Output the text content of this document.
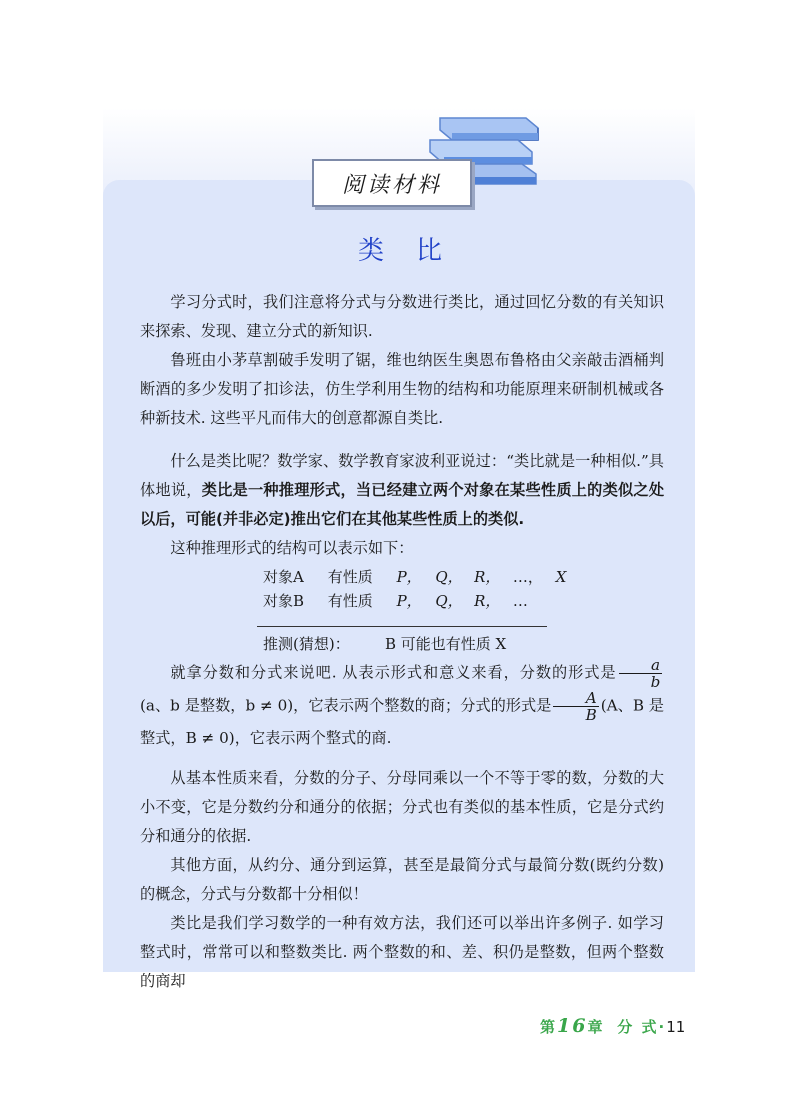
阅读材料
类比

学习分式时，我们注意将分式与分数进行类比，通过回忆分数的有关知识来探索、发现、建立分式的新知识.

鲁班由小茅草割破手发明了锯，维也纳医生奥恩布鲁格由父亲敲击酒桶判断酒的多少发明了扣诊法，仿生学利用生物的结构和功能原理来研制机械或各种新技术. 这些平凡而伟大的创意都源自类比.

什么是类比呢？数学家、数学教育家波利亚说过：“类比就是一种相似.”具体地说，类比是一种推理形式，当已经建立两个对象在某些性质上的类似之处以后，可能(并非必定)推出它们在其他某些性质上的类似.

这种推理形式的结构可以表示如下：

对象A 有性质 P， Q， R， …， X
对象B 有性质 P， Q， R， …
推测(猜想)： B 可能也有性质 X

就拿分数和分式来说吧. 从表示形式和意义来看，分数的形式是 $\frac{a}{b}$
(a、b 是整数，b ≠ 0)，它表示两个整数的商；分式的形式是 $\frac{A}{B} (A$、B 是整式，B ≠ 0)，它表示两个整式的商.

从基本性质来看，分数的分子、分母同乘以一个不等于零的数，分数的大小不变，它是分数约分和通分的依据；分式也有类似的基本性质，它是分式约分和通分的依据.

其他方面，从约分、通分到运算，甚至是最简分式与最简分数(既约分数)的概念，分式与分数都十分相似！

类比是我们学习数学的一种有效方法，我们还可以举出许多例子. 如学习整式时，常常可以和整数类比. 两个整数的和、差、积仍是整数，但两个整数的商却

第16章 分 式·11
